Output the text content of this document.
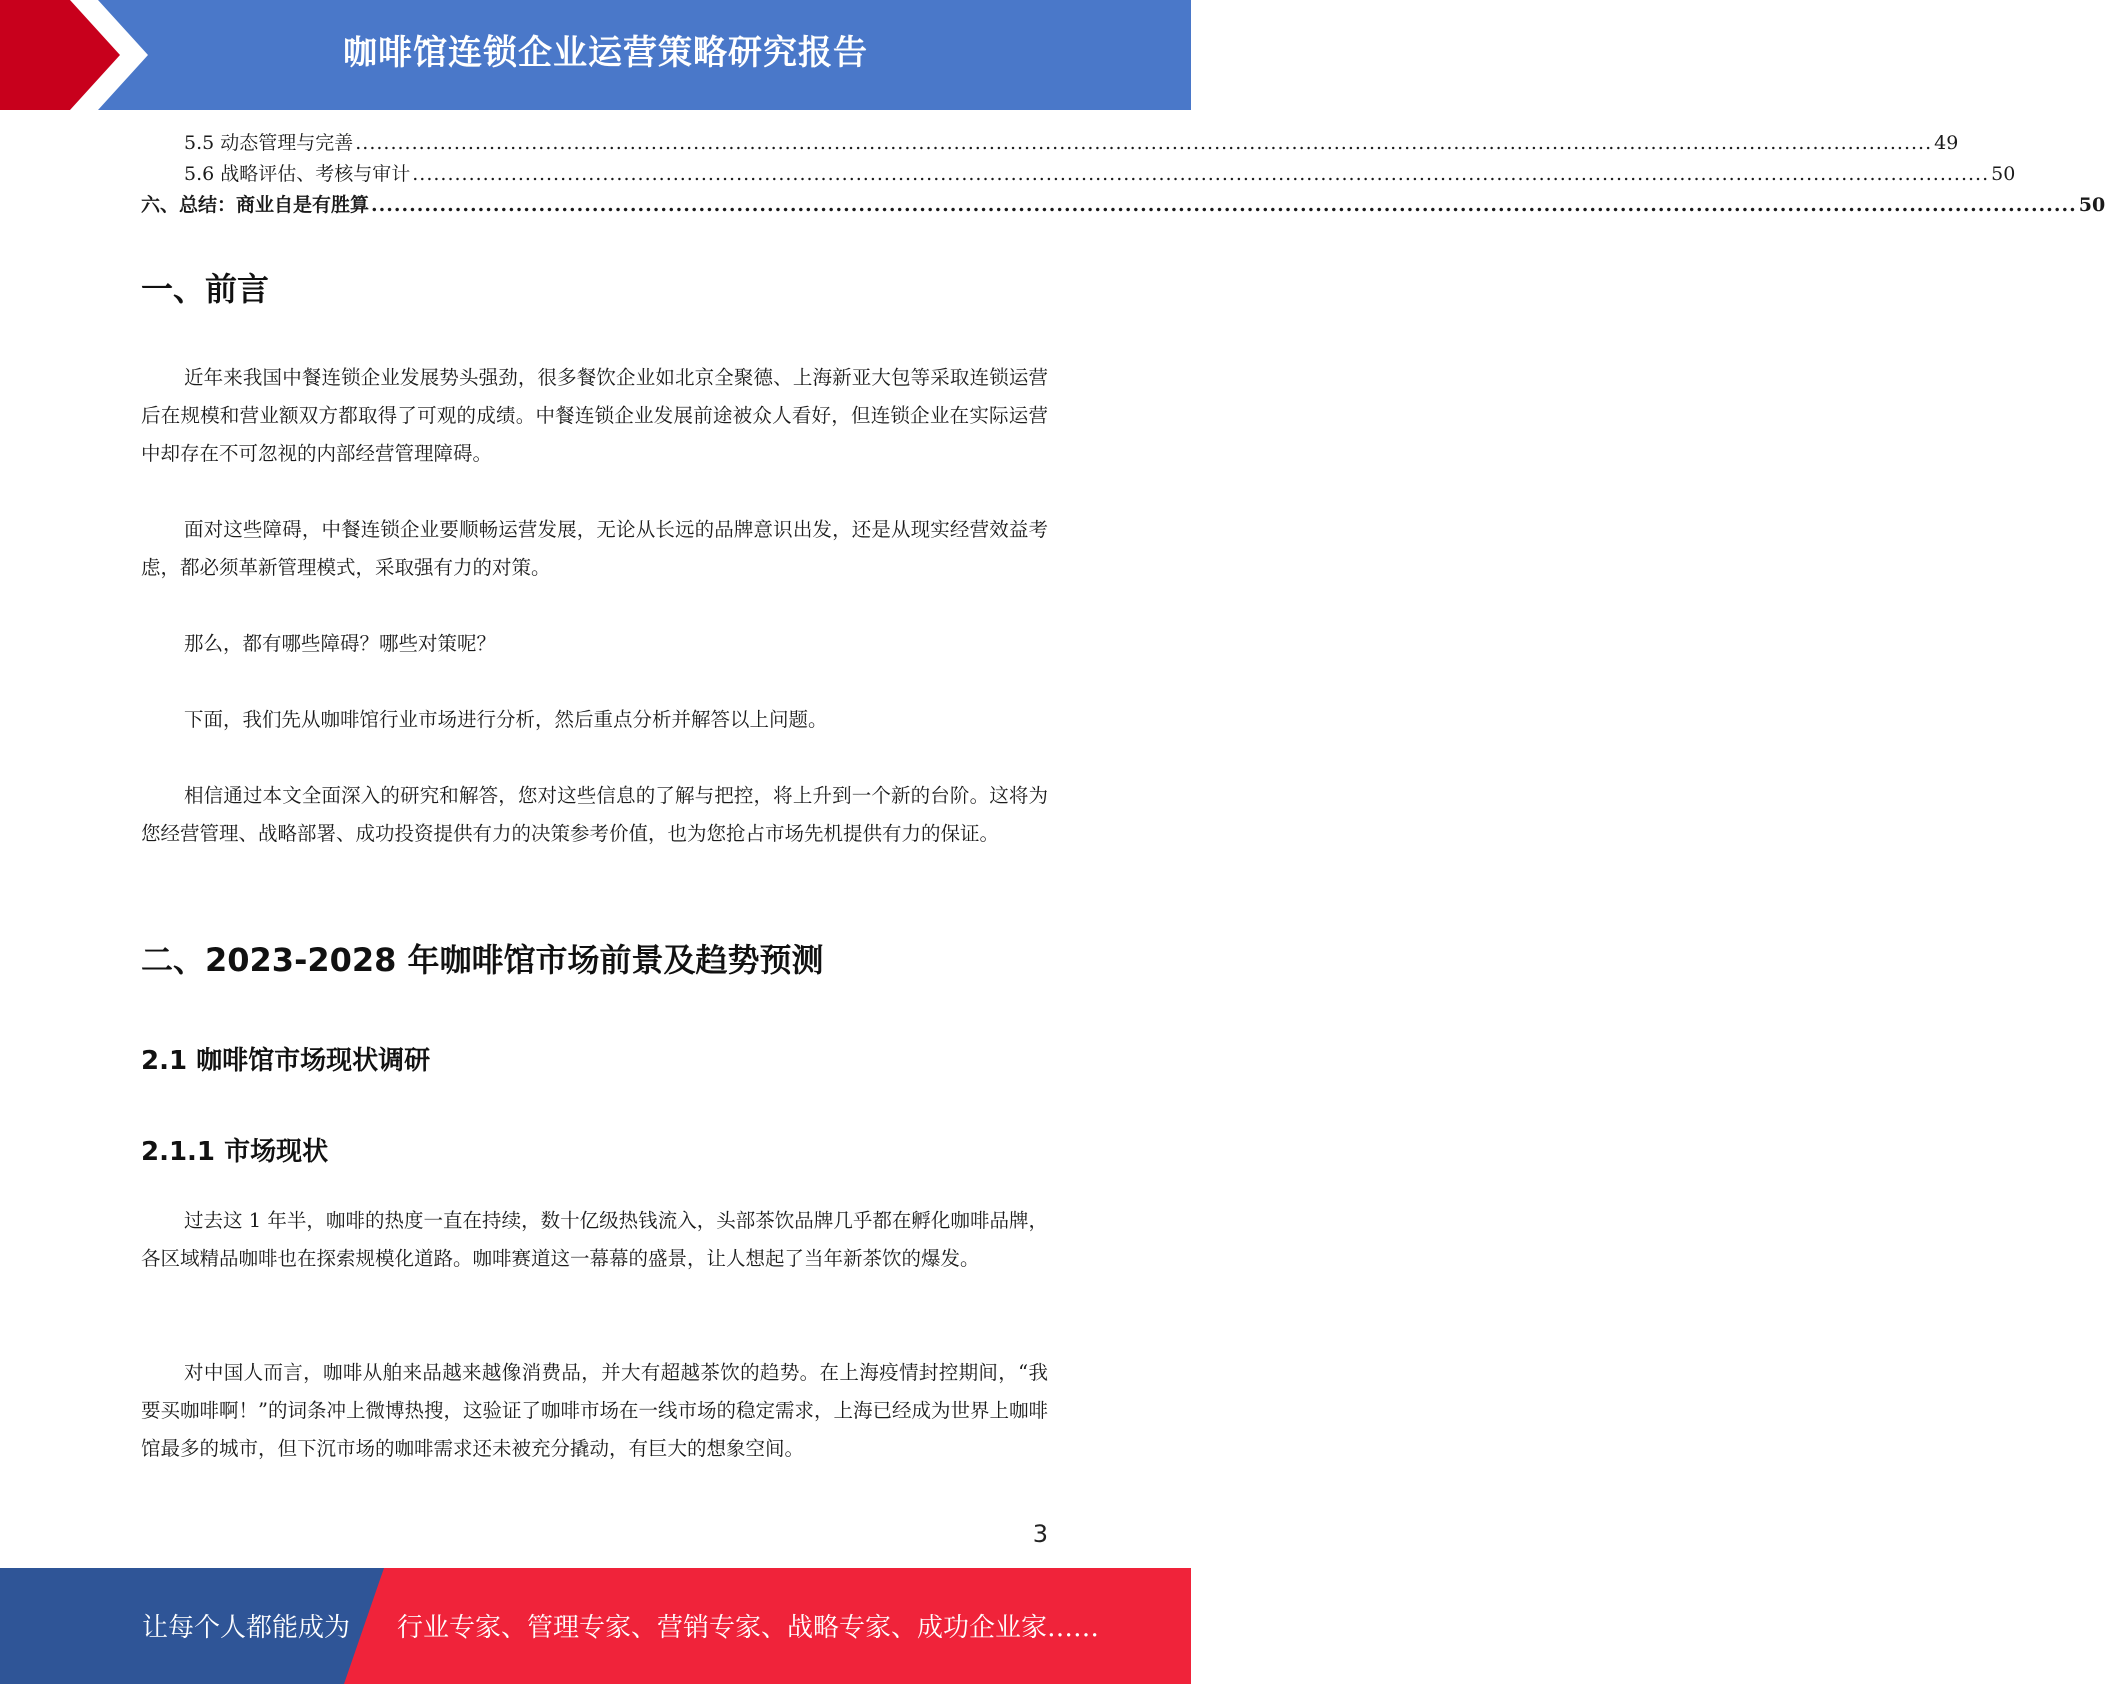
咖啡馆连锁企业运营策略研究报告
5.5 动态管理与完善 ................................................................................................................................................................................................................................ 49
5.6 战略评估、考核与审计 ................................................................................................................................................................................................................................ 50
六、总结：商业自是有胜算 ................................................................................................................................................................................................................................ 50
一、前言

近年来我国中餐连锁企业发展势头强劲，很多餐饮企业如北京全聚德、上海新亚大包等采取连锁运营后在规模和营业额双方都取得了可观的成绩。中餐连锁企业发展前途被众人看好，但连锁企业在实际运营中却存在不可忽视的内部经营管理障碍。

面对这些障碍，中餐连锁企业要顺畅运营发展，无论从长远的品牌意识出发，还是从现实经营效益考虑，都必须革新管理模式，采取强有力的对策。

那么，都有哪些障碍？哪些对策呢？

下面，我们先从咖啡馆行业市场进行分析，然后重点分析并解答以上问题。

相信通过本文全面深入的研究和解答，您对这些信息的了解与把控，将上升到一个新的台阶。这将为您经营管理、战略部署、成功投资提供有力的决策参考价值，也为您抢占市场先机提供有力的保证。

二、2023-2028 年咖啡馆市场前景及趋势预测
2.1 咖啡馆市场现状调研
2.1.1 市场现状

过去这 1 年半，咖啡的热度一直在持续，数十亿级热钱流入，头部茶饮品牌几乎都在孵化咖啡品牌，各区域精品咖啡也在探索规模化道路。咖啡赛道这一幕幕的盛景，让人想起了当年新茶饮的爆发。

对中国人而言，咖啡从舶来品越来越像消费品，并大有超越茶饮的趋势。在上海疫情封控期间，“我要买咖啡啊！”的词条冲上微博热搜，这验证了咖啡市场在一线市场的稳定需求，上海已经成为世界上咖啡馆最多的城市，但下沉市场的咖啡需求还未被充分撬动，有巨大的想象空间。

3
让每个人都能成为 行业专家、管理专家、营销专家、战略专家、成功企业家……
